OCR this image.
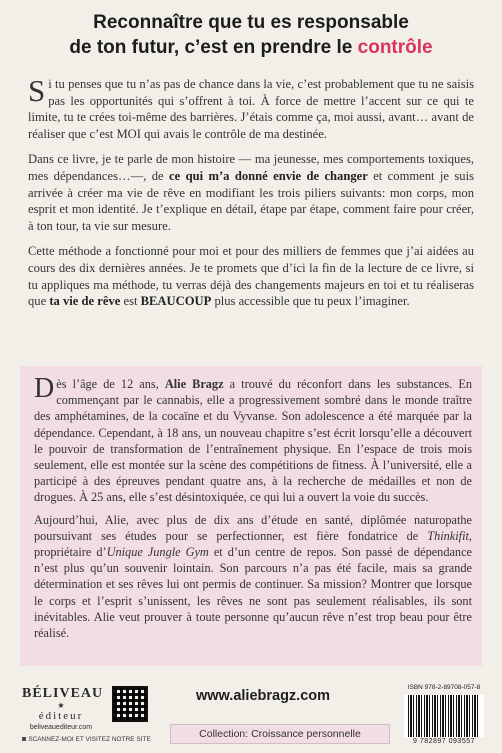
Reconnaître que tu es responsable
de ton futur, c’est en prendre le contrôle

Si tu penses que tu n’as pas de chance dans la vie, c’est probablement que tu ne saisis pas les opportunités qui s’offrent à toi. À force de mettre l’accent sur ce qui te limite, tu te crées toi-même des barrières. J’étais comme ça, moi aussi, avant… avant de réaliser que c’est MOI qui avais le contrôle de ma destinée.

Dans ce livre, je te parle de mon histoire — ma jeunesse, mes comportements toxiques, mes dépendances…—, de ce qui m’a donné envie de changer et comment je suis arrivée à créer ma vie de rêve en modifiant les trois piliers suivants: mon corps, mon esprit et mon identité. Je t’explique en détail, étape par étape, comment faire pour créer, à ton tour, ta vie sur mesure.

Cette méthode a fonctionné pour moi et pour des milliers de femmes que j’ai aidées au cours des dix dernières années. Je te promets que d’ici la fin de la lecture de ce livre, si tu appliques ma méthode, tu verras déjà des changements majeurs en toi et tu réaliseras que ta vie de rêve est BEAUCOUP plus accessible que tu peux l’imaginer.

Dès l’âge de 12 ans, Alie Bragz a trouvé du réconfort dans les substances. En commençant par le cannabis, elle a progressivement sombré dans le monde traître des amphétamines, de la cocaïne et du Vyvanse. Son adolescence a été marquée par la dépendance. Cependant, à 18 ans, un nouveau chapitre s’est écrit lorsqu’elle a découvert le pouvoir de transformation de l’entraînement physique. En l’espace de trois mois seulement, elle est montée sur la scène des compétitions de fitness. À l’université, elle a participé à des épreuves pendant quatre ans, à la recherche de médailles et non de drogues. À 25 ans, elle s’est désintoxiquée, ce qui lui a ouvert la voie du succès.

Aujourd’hui, Alie, avec plus de dix ans d’étude en santé, diplômée naturopathe poursuivant ses études pour se perfectionner, est fière fondatrice de Thinkifit, propriétaire d’Unique Jungle Gym et d’un centre de repos. Son passé de dépendance n’est plus qu’un souvenir lointain. Son parcours n’a pas été facile, mais sa grande détermination et ses rêves lui ont permis de continuer. Sa mission? Montrer que lorsque le corps et l’esprit s’unissent, les rêves ne sont pas seulement réalisables, ils sont inévitables. Alie veut prouver à toute personne qu’aucun rêve n’est trop beau pour être réalisé.

BÉLIVEAU
★
éditeur
beliveauediteur.com
◙ SCANNEZ-MOI ET VISITEZ NOTRE SITE
www.aliebragz.com
Collection: Croissance personnelle
ISBN 978-2-89708-057-8
9 782897 093557
